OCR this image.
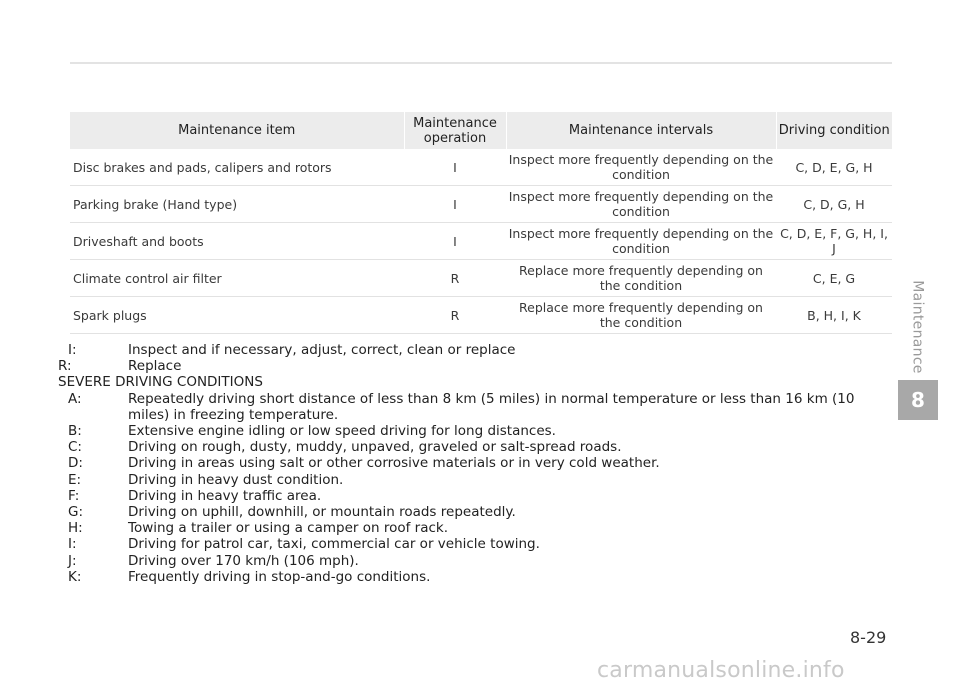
Maintenance item	Maintenance operation	Maintenance intervals	Driving condition
Disc brakes and pads, calipers and rotors	I	Inspect more frequently depending on the condition	C, D, E, G, H
Parking brake (Hand type)	I	Inspect more frequently depending on the condition	C, D, G, H
Driveshaft and boots	I	Inspect more frequently depending on the condition	C, D, E, F, G, H, I, J
Climate control air filter	R	Replace more frequently depending on the condition	C, E, G
Spark plugs	R	Replace more frequently depending on the condition	B, H, I, K
I:	Inspect and if necessary, adjust, correct, clean or replace
R:	Replace
SEVERE DRIVING CONDITIONS
A:	Repeatedly driving short distance of less than 8 km (5 miles) in normal temperature or less than 16 km (10 miles) in freezing temperature.
B:	Extensive engine idling or low speed driving for long distances.
C:	Driving on rough, dusty, muddy, unpaved, graveled or salt-spread roads.
D:	Driving in areas using salt or other corrosive materials or in very cold weather.
E:	Driving in heavy dust condition.
F:	Driving in heavy traffic area.
G:	Driving on uphill, downhill, or mountain roads repeatedly.
H:	Towing a trailer or using a camper on roof rack.
I:	Driving for patrol car, taxi, commercial car or vehicle towing.
J:	Driving over 170 km/h (106 mph).
K:	Frequently driving in stop-and-go conditions.
Maintenance
8
8-29
carmanualsonline.info
